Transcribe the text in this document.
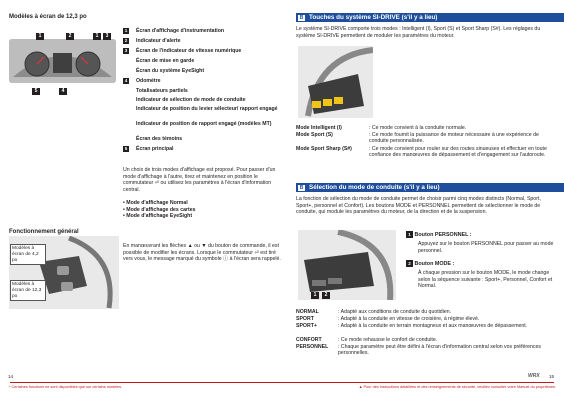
Modèles à écran de 12,3 po
1	2	1	3
5	4
1	Écran d'affichage d'instrumentation
2	Indicateur d'alerte
3	Écran de l'indicateur de vitesse numérique
Écran de mise en garde
Écran du système EyeSight
4	Odomètre
Totalisateurs partiels
Indicateur de sélection de mode de conduite
Indicateur de position du levier sélecteur/ rapport engagé
Indicateur de position de rapport engagé (modèles MT)
Écran des témoins
5	Écran principal
Un choix de trois modes d'affichage est proposé. Pour passer d'un mode d'affichage à l'autre, tirez et maintenez en position le commutateur ⏎ ou utilisez les paramètres à l'écran d'information central.
• Mode d'affichage Normal
• Mode d'affichage des cartes
• Mode d'affichage EyeSight
Fonctionnement général
Modèles à écran de 4,2 po
Modèles à écran de 12,3 po
En manœuvrant les flèches ▲ ou ▼ du bouton de commande, il est possible de modifier les écrans. Lorsque le commutateur ⏎ est tiré vers vous, le message marqué du symbole ⓘ à l'écran sera rappelé.
B Touches du système SI-DRIVE (s'il y a lieu)
Le système SI-DRIVE comporte trois modes : Intelligent (I), Sport (S) et Sport Sharp (S#). Les réglages du système SI-DRIVE permettent de moduler les paramètres du moteur.
Mode Intelligent (I)	: Ce mode convient à la conduite normale.
Mode Sport (S)	: Ce mode fournit la puissance de moteur nécessaire à une expérience de conduite personnalisée.
Mode Sport Sharp (S#)	: Ce mode convient pour rouler sur des routes sinueuses et effectuer en toute confiance des manœuvres de dépassement et d'engagement sur l'autoroute.
B Sélection du mode de conduite (s'il y a lieu)
La fonction de sélection du mode de conduite permet de choisir parmi cinq modes distincts (Normal, Sport, Sport+, personnel et Confort). Les boutons MODE et PERSONNEL permettent de sélectionner le mode de conduite, qui module les paramètres du moteur, de la direction et de la suspension.
1	2
1 Bouton PERSONNEL :
Appuyez sur le bouton PERSONNEL pour passer au mode personnel.
2 Bouton MODE :
À chaque pression sur le bouton MODE, le mode change selon la séquence suivante : Sport+, Personnel, Confort et Normal.
NORMAL	: Adapté aux conditions de conduite du quotidien.
SPORT	: Adapté à la conduite en vitesse de croisière, à régime élevé.
SPORT+	: Adapté à la conduite en terrain montagneux et aux manœuvres de dépassement.
CONFORT	: Ce mode rehausse le confort de conduite.
PERSONNEL : Chaque paramètre peut être défini à l'écran d'information central selon vos préférences personnelles.
14	WRX 15
* Certaines fonctions ne sont disponibles que sur certains modèles.	▲ Pour des instructions détaillées et des renseignements de sécurité, veuillez consulter votre Manuel du propriétaire.
